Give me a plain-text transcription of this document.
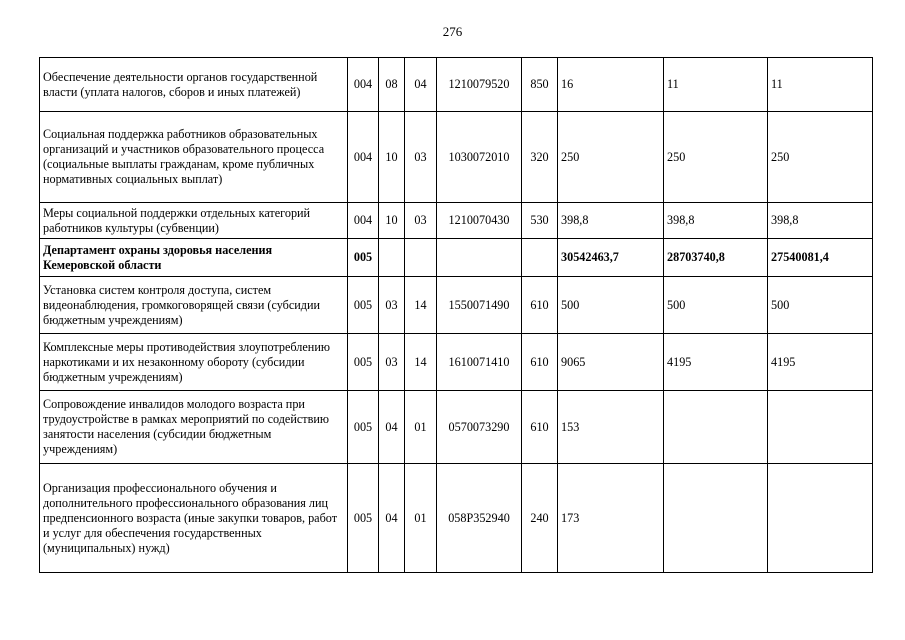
276
Обеспечение деятельности органов государственной власти (уплата налогов, сборов и иных платежей)	004	08	04	1210079520	850	16	11	11
Социальная поддержка работников образовательных организаций и участников образовательного процесса (социальные выплаты гражданам, кроме публичных нормативных социальных выплат)	004	10	03	1030072010	320	250	250	250
Меры социальной поддержки отдельных категорий работников культуры (субвенции)	004	10	03	1210070430	530	398,8	398,8	398,8
Департамент охраны здоровья населения Кемеровской области	005					30542463,7	28703740,8	27540081,4
Установка систем контроля доступа, систем видеонаблюдения, громкоговорящей связи (субсидии бюджетным учреждениям)	005	03	14	1550071490	610	500	500	500
Комплексные меры противодействия злоупотреблению наркотиками и их незаконному обороту (субсидии бюджетным учреждениям)	005	03	14	1610071410	610	9065	4195	4195
Сопровождение инвалидов молодого возраста при трудоустройстве в рамках мероприятий по содействию занятости населения (субсидии бюджетным учреждениям)	005	04	01	0570073290	610	153		
Организация профессионального обучения и дополнительного профессионального образования лиц предпенсионного возраста (иные закупки товаров, работ и услуг для обеспечения государственных (муниципальных) нужд)	005	04	01	058P352940	240	173		
